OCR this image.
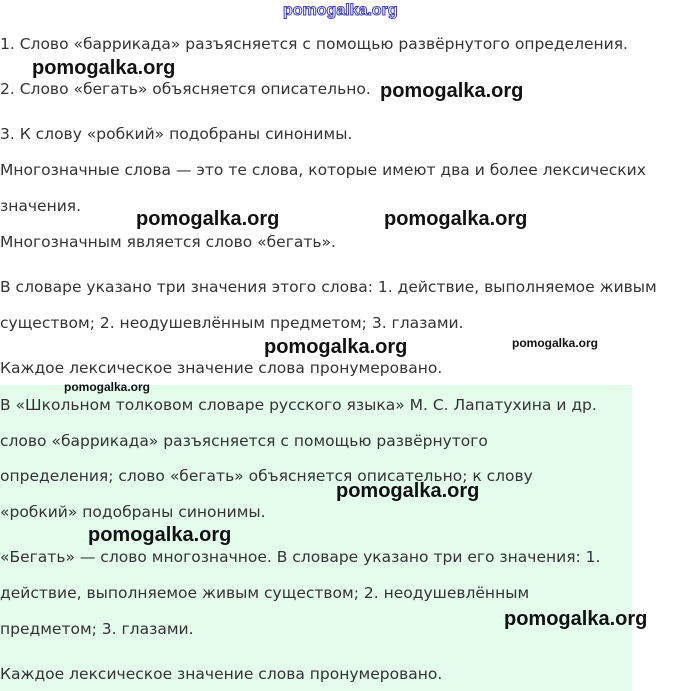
pomogalka.org
1. Слово «баррикада» разъясняется с помощью развёрнутого определения.
2. Слово «бегать» объясняется описательно.
3. К слову «робкий» подобраны синонимы.
Многозначные слова — это те слова, которые имеют два и более лексических
значения.
Многозначным является слово «бегать».
В словаре указано три значения этого слова: 1. действие, выполняемое живым
существом; 2. неодушевлённым предметом; 3. глазами.
Каждое лексическое значение слова пронумеровано.
В «Школьном толковом словаре русского языка» М. С. Лапатухина и др.
слово «баррикада» разъясняется с помощью развёрнутого
определения; слово «бегать» объясняется описательно; к слову
«робкий» подобраны синонимы.
«Бегать» — слово многозначное. В словаре указано три его значения: 1.
действие, выполняемое живым существом; 2. неодушевлённым
предметом; 3. глазами.
Каждое лексическое значение слова пронумеровано.
pomogalka.org
pomogalka.org
pomogalka.org	pomogalka.org
pomogalka.org	pomogalka.org
pomogalka.org
pomogalka.org
pomogalka.org
pomogalka.org
